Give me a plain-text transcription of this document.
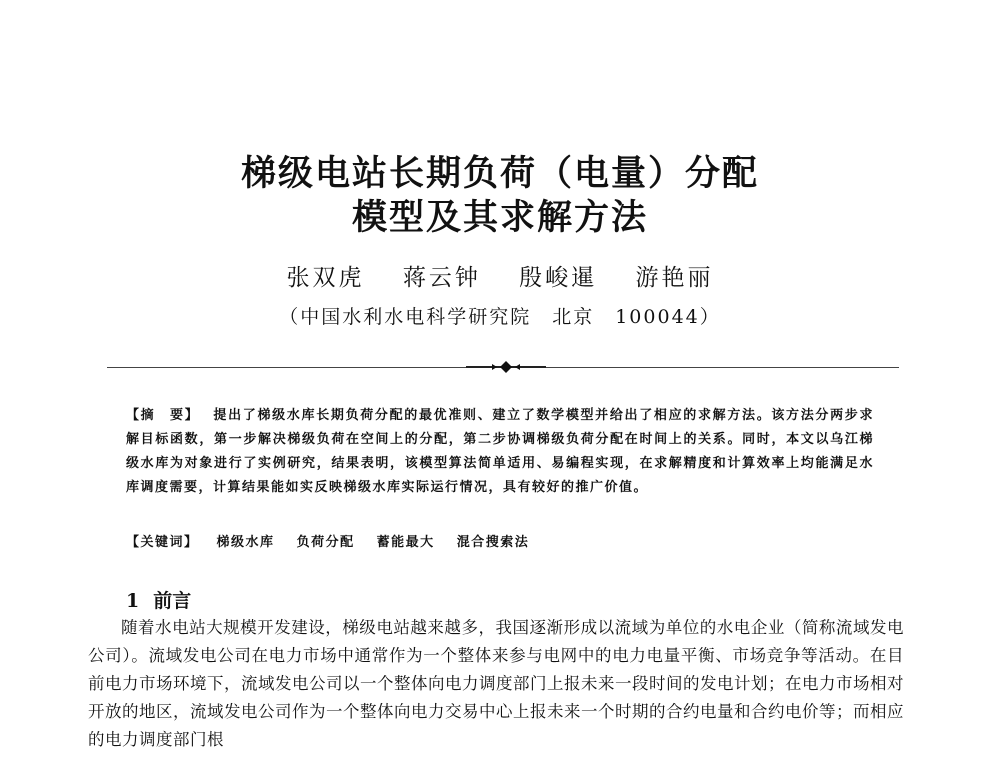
梯级电站长期负荷（电量）分配
模型及其求解方法
张双虎 蒋云钟 殷峻暹 游艳丽
（中国水利水电科学研究院　北京　100044）
【摘　要】 提出了梯级水库长期负荷分配的最优准则、建立了数学模型并给出了相应的求解方法。该方法分两步求解目标函数，第一步解决梯级负荷在空间上的分配，第二步协调梯级负荷分配在时间上的关系。同时，本文以乌江梯级水库为对象进行了实例研究，结果表明，该模型算法简单适用、易编程实现，在求解精度和计算效率上均能满足水库调度需要，计算结果能如实反映梯级水库实际运行情况，具有较好的推广价值。
【关键词】 梯级水库 负荷分配 蓄能最大 混合搜索法
1 前言
随着水电站大规模开发建设，梯级电站越来越多，我国逐渐形成以流域为单位的水电企业（简称流域发电公司）。流域发电公司在电力市场中通常作为一个整体来参与电网中的电力电量平衡、市场竞争等活动。在目前电力市场环境下，流域发电公司以一个整体向电力调度部门上报未来一段时间的发电计划；在电力市场相对开放的地区，流域发电公司作为一个整体向电力交易中心上报未来一个时期的合约电量和合约电价等；而相应的电力调度部门根
